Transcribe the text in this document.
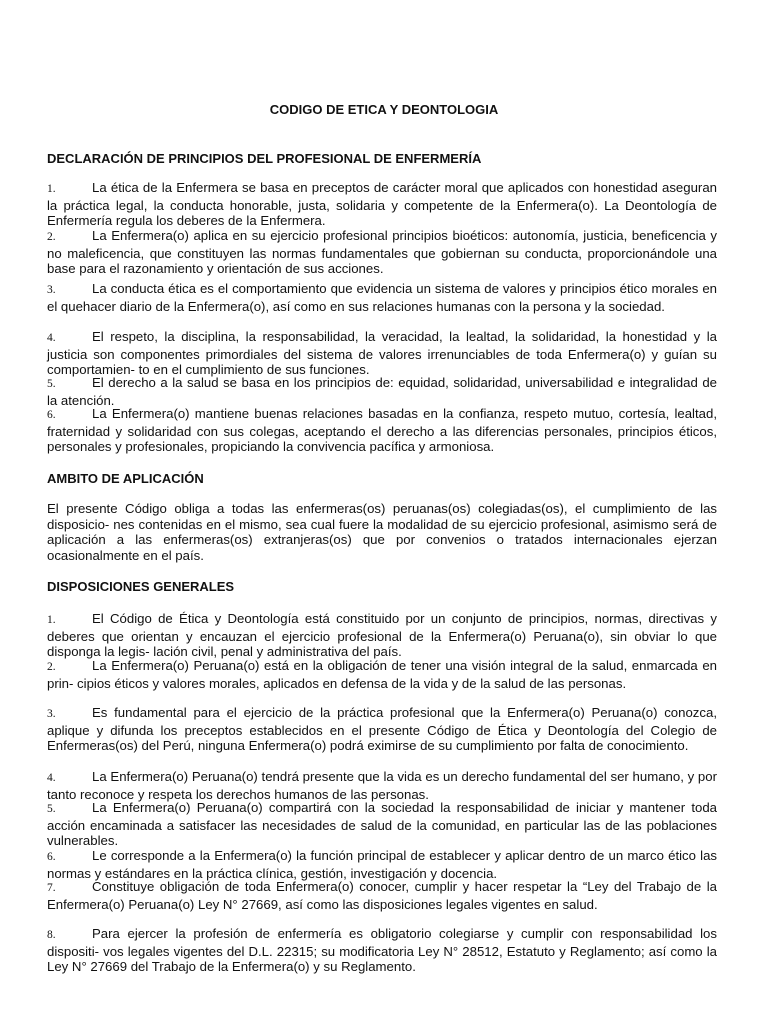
CODIGO DE ETICA Y DEONTOLOGIA
DECLARACIÓN DE PRINCIPIOS DEL PROFESIONAL DE ENFERMERÍA
1.	La ética de la Enfermera se basa en preceptos de carácter moral que aplicados con honestidad aseguran la práctica legal, la conducta honorable, justa, solidaria y competente de la Enfermera(o). La Deontología de Enfermería regula los deberes de la Enfermera.
2.	La Enfermera(o) aplica en su ejercicio profesional principios bioéticos: autonomía, justicia, beneficencia y no maleficencia, que constituyen las normas fundamentales que gobiernan su conducta, proporcionándole una base para el razonamiento y orientación de sus acciones.
3.	La conducta ética es el comportamiento que evidencia un sistema de valores y principios ético morales en el quehacer diario de la Enfermera(o), así como en sus relaciones humanas con la persona y la sociedad.
4.	El respeto, la disciplina, la responsabilidad, la veracidad, la lealtad, la solidaridad, la honestidad y la justicia son componentes primordiales del sistema de valores irrenunciables de toda Enfermera(o) y guían su comportamien- to en el cumplimiento de sus funciones.
5.	El derecho a la salud se basa en los principios de: equidad, solidaridad, universabilidad e integralidad de la atención.
6.	La Enfermera(o) mantiene buenas relaciones basadas en la confianza, respeto mutuo, cortesía, lealtad, fraternidad y solidaridad con sus colegas, aceptando el derecho a las diferencias personales, principios éticos, personales y profesionales, propiciando la convivencia pacífica y armoniosa.
AMBITO DE APLICACIÓN
El presente Código obliga a todas las enfermeras(os) peruanas(os) colegiadas(os), el cumplimiento de las disposicio- nes contenidas en el mismo, sea cual fuere la modalidad de su ejercicio profesional, asimismo será de aplicación a las enfermeras(os) extranjeras(os) que por convenios o tratados internacionales ejerzan ocasionalmente en el país.
DISPOSICIONES GENERALES
1.	El Código de Ética y Deontología está constituido por un conjunto de principios, normas, directivas y deberes que orientan y encauzan el ejercicio profesional de la Enfermera(o) Peruana(o), sin obviar lo que disponga la legis- lación civil, penal y administrativa del país.
2.	La Enfermera(o) Peruana(o) está en la obligación de tener una visión integral de la salud, enmarcada en prin- cipios éticos y valores morales, aplicados en defensa de la vida y de la salud de las personas.
3.	Es fundamental para el ejercicio de la práctica profesional que la Enfermera(o) Peruana(o) conozca, aplique y difunda los preceptos establecidos en el presente Código de Ética y Deontología del Colegio de Enfermeras(os) del Perú, ninguna Enfermera(o) podrá eximirse de su cumplimiento por falta de conocimiento.
4.	La Enfermera(o) Peruana(o) tendrá presente que la vida es un derecho fundamental del ser humano, y por tanto reconoce y respeta los derechos humanos de las personas.
5.	La Enfermera(o) Peruana(o) compartirá con la sociedad la responsabilidad de iniciar y mantener toda acción encaminada a satisfacer las necesidades de salud de la comunidad, en particular las de las poblaciones vulnerables.
6.	Le corresponde a la Enfermera(o) la función principal de establecer y aplicar dentro de un marco ético las normas y estándares en la práctica clínica, gestión, investigación y docencia.
7.	Constituye obligación de toda Enfermera(o) conocer, cumplir y hacer respetar la “Ley del Trabajo de la Enfermera(o) Peruana(o) Ley N° 27669, así como las disposiciones legales vigentes en salud.
8.	Para ejercer la profesión de enfermería es obligatorio colegiarse y cumplir con responsabilidad los dispositi- vos legales vigentes del D.L. 22315; su modificatoria Ley N° 28512, Estatuto y Reglamento; así como la Ley N° 27669 del Trabajo de la Enfermera(o) y su Reglamento.
